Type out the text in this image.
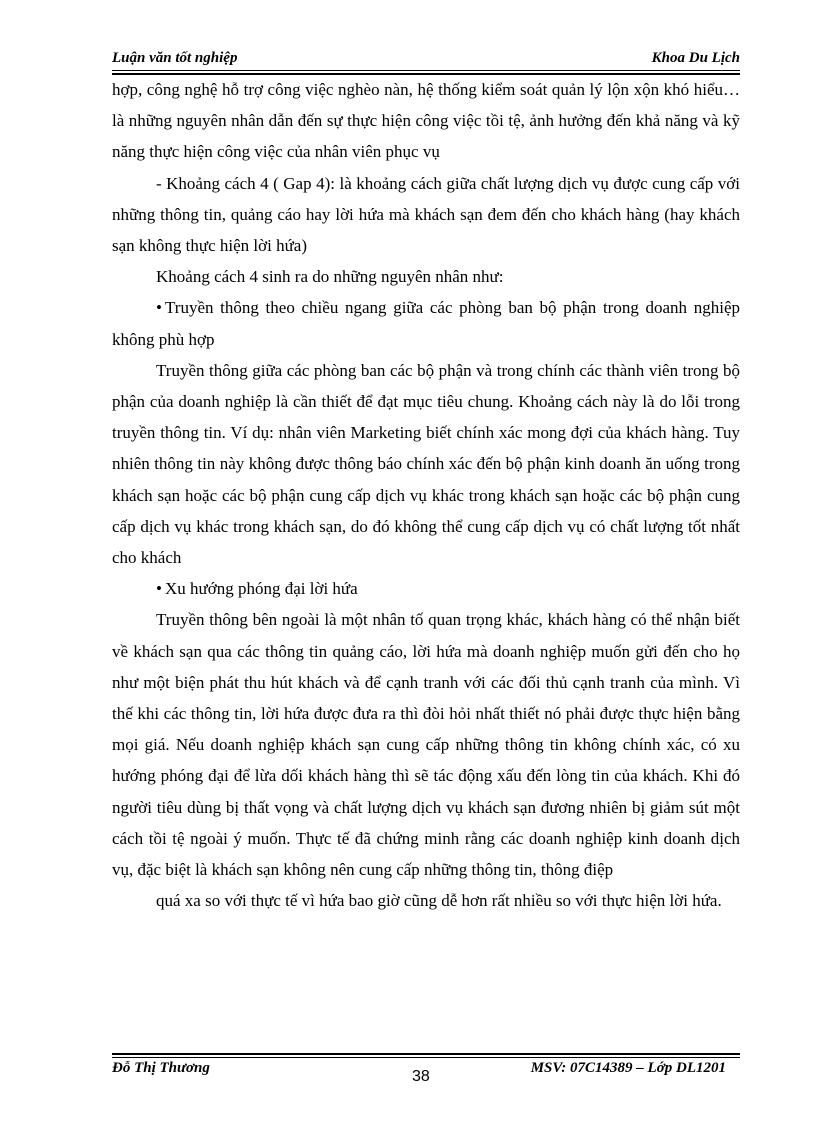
Luận văn tốt nghiệp	Khoa Du Lịch

hợp, công nghệ hỗ trợ công việc nghèo nàn, hệ thống kiểm soát quản lý lộn xộn khó hiểu… là những nguyên nhân dẫn đến sự thực hiện công việc tồi tệ, ảnh hưởng đến khả năng và kỹ năng thực hiện công việc của nhân viên phục vụ

- Khoảng cách 4 ( Gap 4): là khoảng cách giữa chất lượng dịch vụ được cung cấp với những thông tin, quảng cáo hay lời hứa mà khách sạn đem đến cho khách hàng (hay khách sạn không thực hiện lời hứa)

Khoảng cách 4 sinh ra do những nguyên nhân như:

• Truyền thông theo chiều ngang giữa các phòng ban bộ phận trong doanh nghiệp không phù hợp

Truyền thông giữa các phòng ban các bộ phận và trong chính các thành viên trong bộ phận của doanh nghiệp là cần thiết để đạt mục tiêu chung. Khoảng cách này là do lỗi trong truyền thông tin. Ví dụ: nhân viên Marketing biết chính xác mong đợi của khách hàng. Tuy nhiên thông tin này không được thông báo chính xác đến bộ phận kinh doanh ăn uống trong khách sạn hoặc các bộ phận cung cấp dịch vụ khác trong khách sạn hoặc các bộ phận cung cấp dịch vụ khác trong khách sạn, do đó không thể cung cấp dịch vụ có chất lượng tốt nhất cho khách

• Xu hướng phóng đại lời hứa

Truyền thông bên ngoài là một nhân tố quan trọng khác, khách hàng có thể nhận biết về khách sạn qua các thông tin quảng cáo, lời hứa mà doanh nghiệp muốn gửi đến cho họ như một biện phát thu hút khách và để cạnh tranh với các đối thủ cạnh tranh của mình. Vì thế khi các thông tin, lời hứa được đưa ra thì đòi hỏi nhất thiết nó phải được thực hiện bằng mọi giá. Nếu doanh nghiệp khách sạn cung cấp những thông tin không chính xác, có xu hướng phóng đại để lừa dối khách hàng thì sẽ tác động xấu đến lòng tin của khách. Khi đó người tiêu dùng bị thất vọng và chất lượng dịch vụ khách sạn đương nhiên bị giảm sút một cách tồi tệ ngoài ý muốn. Thực tế đã chứng minh rằng các doanh nghiệp kinh doanh dịch vụ, đặc biệt là khách sạn không nên cung cấp những thông tin, thông điệp

quá xa so với thực tế vì hứa bao giờ cũng dễ hơn rất nhiều so với thực hiện lời hứa.

Đỗ Thị Thương	38	MSV: 07C14389 – Lớp DL1201
